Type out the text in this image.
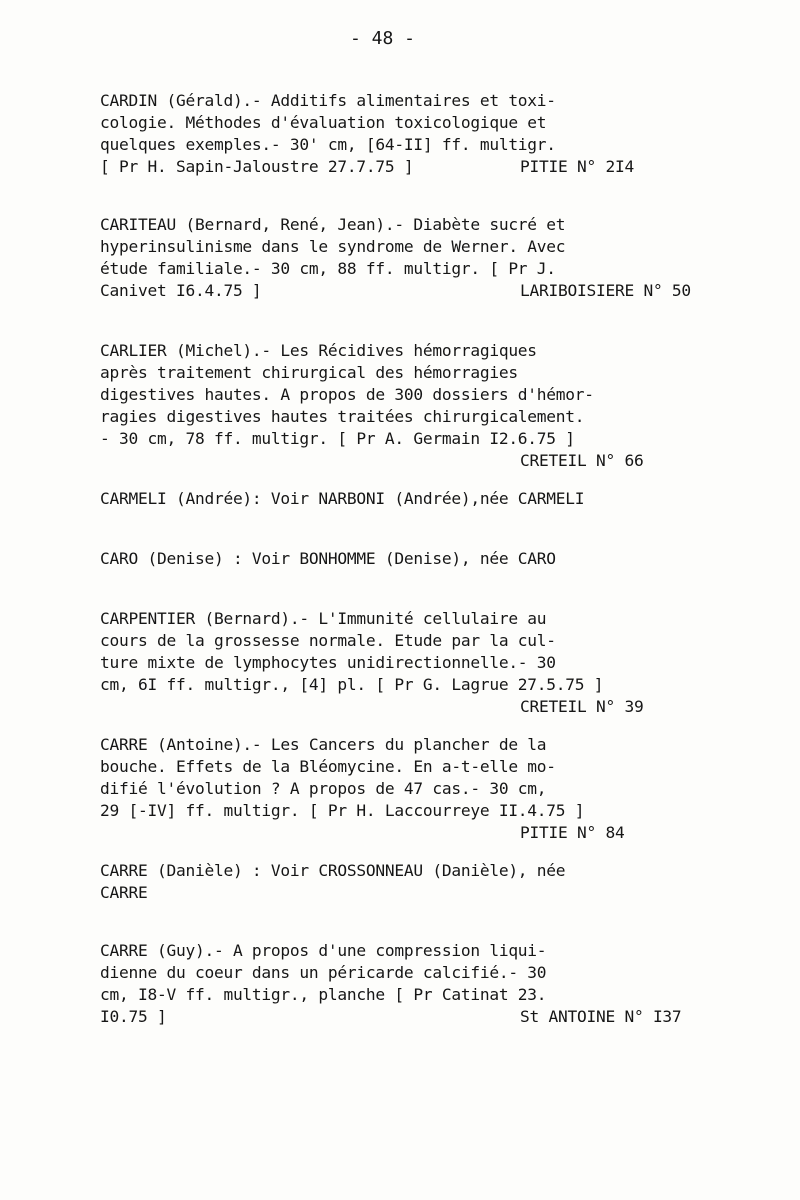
- 48 -
CARDIN (Gérald).- Additifs alimentaires et toxi-
cologie. Méthodes d'évaluation toxicologique et
quelques exemples.- 30' cm, [64-II] ff. multigr.
[ Pr H. Sapin-Jaloustre 27.7.75 ]	PITIE N° 2I4
CARITEAU (Bernard, René, Jean).- Diabète sucré et
hyperinsulinisme dans le syndrome de Werner. Avec
étude familiale.- 30 cm, 88 ff. multigr. [ Pr J.
Canivet I6.4.75 ]	LARIBOISIERE N° 50
CARLIER (Michel).- Les Récidives hémorragiques
après traitement chirurgical des hémorragies
digestives hautes. A propos de 300 dossiers d'hémor-
ragies digestives hautes traitées chirurgicalement.
- 30 cm, 78 ff. multigr. [ Pr A. Germain I2.6.75 ]
CRETEIL N° 66
CARMELI (Andrée): Voir NARBONI (Andrée),née CARMELI
CARO (Denise) : Voir BONHOMME (Denise), née CARO
CARPENTIER (Bernard).- L'Immunité cellulaire au
cours de la grossesse normale. Etude par la cul-
ture mixte de lymphocytes unidirectionnelle.- 30
cm, 6I ff. multigr., [4] pl. [ Pr G. Lagrue 27.5.75 ]
CRETEIL N° 39
CARRE (Antoine).- Les Cancers du plancher de la
bouche. Effets de la Bléomycine. En a-t-elle mo-
difié l'évolution ? A propos de 47 cas.- 30 cm,
29 [-IV] ff. multigr. [ Pr H. Laccourreye II.4.75 ]
PITIE N° 84
CARRE (Danièle) : Voir CROSSONNEAU (Danièle), née
CARRE
CARRE (Guy).- A propos d'une compression liqui-
dienne du coeur dans un péricarde calcifié.- 30
cm, I8-V ff. multigr., planche [ Pr Catinat 23.
I0.75 ]	St ANTOINE N° I37
